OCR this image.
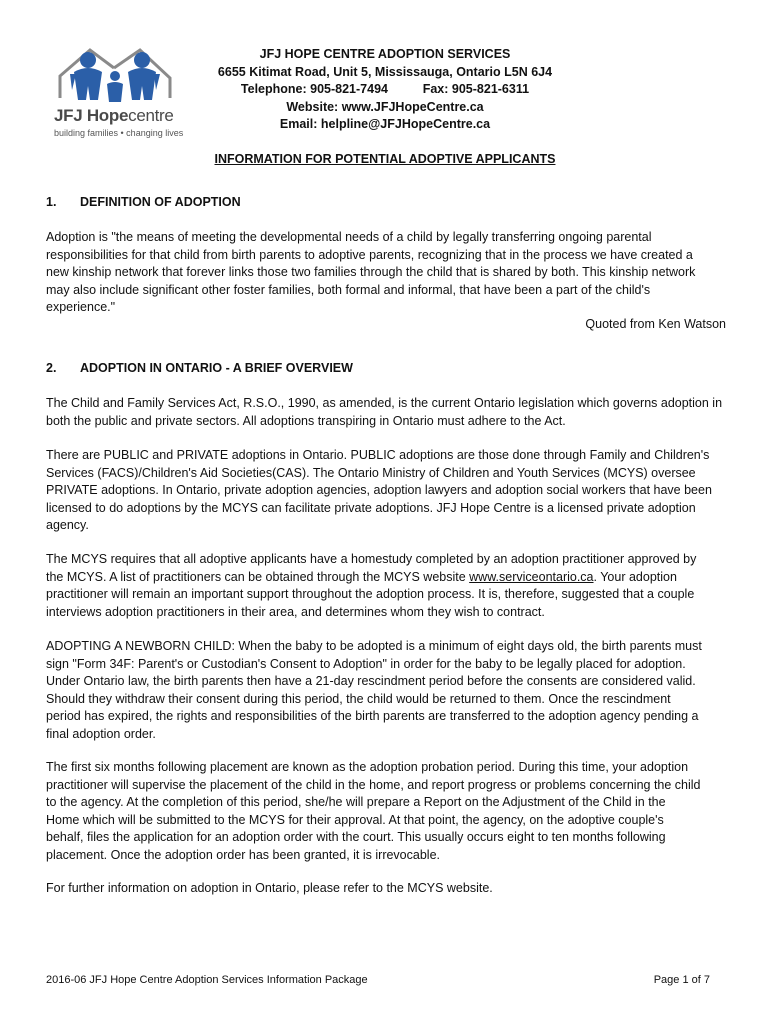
JFJ Hopecentre
building families • changing lives
JFJ HOPE CENTRE ADOPTION SERVICES
6655 Kitimat Road, Unit 5, Mississauga, Ontario L5N 6J4
Telephone: 905-821-7494	Fax: 905-821-6311
Website: www.JFJHopeCentre.ca
Email: helpline@JFJHopeCentre.ca
INFORMATION FOR POTENTIAL ADOPTIVE APPLICANTS
1. DEFINITION OF ADOPTION
Adoption is "the means of meeting the developmental needs of a child by legally transferring ongoing parental
responsibilities for that child from birth parents to adoptive parents, recognizing that in the process we have created a
new kinship network that forever links those two families through the child that is shared by both. This kinship network
may also include significant other foster families, both formal and informal, that have been a part of the child's
experience."
Quoted from Ken Watson
2. ADOPTION IN ONTARIO - A BRIEF OVERVIEW
The Child and Family Services Act, R.S.O., 1990, as amended, is the current Ontario legislation which governs adoption in
both the public and private sectors. All adoptions transpiring in Ontario must adhere to the Act.
There are PUBLIC and PRIVATE adoptions in Ontario. PUBLIC adoptions are those done through Family and Children's
Services (FACS)/Children's Aid Societies(CAS). The Ontario Ministry of Children and Youth Services (MCYS) oversee
PRIVATE adoptions. In Ontario, private adoption agencies, adoption lawyers and adoption social workers that have been
licensed to do adoptions by the MCYS can facilitate private adoptions. JFJ Hope Centre is a licensed private adoption
agency.
The MCYS requires that all adoptive applicants have a homestudy completed by an adoption practitioner approved by
the MCYS. A list of practitioners can be obtained through the MCYS website www.serviceontario.ca. Your adoption
practitioner will remain an important support throughout the adoption process. It is, therefore, suggested that a couple
interviews adoption practitioners in their area, and determines whom they wish to contract.
ADOPTING A NEWBORN CHILD: When the baby to be adopted is a minimum of eight days old, the birth parents must
sign "Form 34F: Parent's or Custodian's Consent to Adoption" in order for the baby to be legally placed for adoption.
Under Ontario law, the birth parents then have a 21-day rescindment period before the consents are considered valid.
Should they withdraw their consent during this period, the child would be returned to them. Once the rescindment
period has expired, the rights and responsibilities of the birth parents are transferred to the adoption agency pending a
final adoption order.
The first six months following placement are known as the adoption probation period. During this time, your adoption
practitioner will supervise the placement of the child in the home, and report progress or problems concerning the child
to the agency. At the completion of this period, she/he will prepare a Report on the Adjustment of the Child in the
Home which will be submitted to the MCYS for their approval. At that point, the agency, on the adoptive couple's
behalf, files the application for an adoption order with the court. This usually occurs eight to ten months following
placement. Once the adoption order has been granted, it is irrevocable.
For further information on adoption in Ontario, please refer to the MCYS website.
2016-06 JFJ Hope Centre Adoption Services Information Package	Page 1 of 7
